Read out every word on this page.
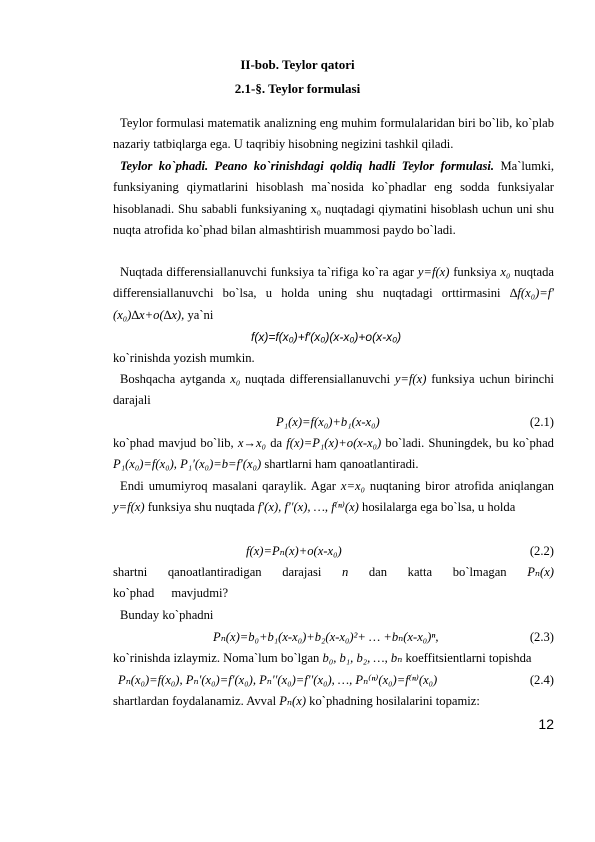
II-bob. Teylor qatori
2.1-§. Teylor formulasi

Teylor formulasi matematik analizning eng muhim formulalaridan biri bo`lib, ko`plab nazariy tatbiqlarga ega. U taqribiy hisobning negizini tashkil qiladi.

Teylor ko`phadi. Peano ko`rinishdagi qoldiq hadli Teylor formulasi. Ma`lumki, funksiyaning qiymatlarini hisoblash ma`nosida ko`phadlar eng sodda funksiyalar hisoblanadi. Shu sababli funksiyaning x₀ nuqtadagi qiymatini hisoblash uchun uni shu nuqta atrofida ko`phad bilan almashtirish muammosi paydo bo`ladi.

Nuqtada differensiallanuvchi funksiya ta`rifiga ko`ra agar y=f(x) funksiya x₀ nuqtada differensiallanuvchi bo`lsa, u holda uning shu nuqtadagi orttirmasini ∆f(x₀)=f′(x₀)∆x+o(∆x), ya`ni

f(x)=f(x₀)+f′(x₀)(x-x₀)+o(x-x₀)
ko`rinishda yozish mumkin.

Boshqacha aytganda x₀ nuqtada differensiallanuvchi y=f(x) funksiya uchun birinchi darajali

P₁(x)=f(x₀)+b₁(x-x₀)	(2.1)

ko`phad mavjud bo`lib, x→x₀ da f(x)=P₁(x)+o(x-x₀) bo`ladi. Shuningdek, bu ko`phad P₁(x₀)=f(x₀), P₁′(x₀)=b=f′(x₀) shartlarni ham qanoatlantiradi.

Endi umumiyroq masalani qaraylik. Agar x=x₀ nuqtaning biror atrofida aniqlangan y=f(x) funksiya shu nuqtada f′(x), f′′(x), …, f⁽ⁿ⁾(x) hosilalarga ega bo`lsa, u holda

f(x)=Pₙ(x)+o(x-x₀)	(2.2)

shartni qanoatlantiradigan darajasi n dan katta bo`lmagan Pₙ(x) ko`phad mavjudmi?

Bunday ko`phadni
Pₙ(x)=b₀+b₁(x-x₀)+b₂(x-x₀)²+ … +bₙ(x-x₀)ⁿ,	(2.3)
ko`rinishda izlaymiz. Noma`lum bo`lgan b₀, b₁, b₂, …, bₙ koeffitsientlarni topishda
Pₙ(x₀)=f(x₀), Pₙ′(x₀)=f′(x₀), Pₙ′′(x₀)=f′′(x₀), …, Pₙ⁽ⁿ⁾(x₀)=f⁽ⁿ⁾(x₀)	(2.4)
shartlardan foydalanamiz. Avval Pₙ(x) ko`phadning hosilalarini topamiz:
12
